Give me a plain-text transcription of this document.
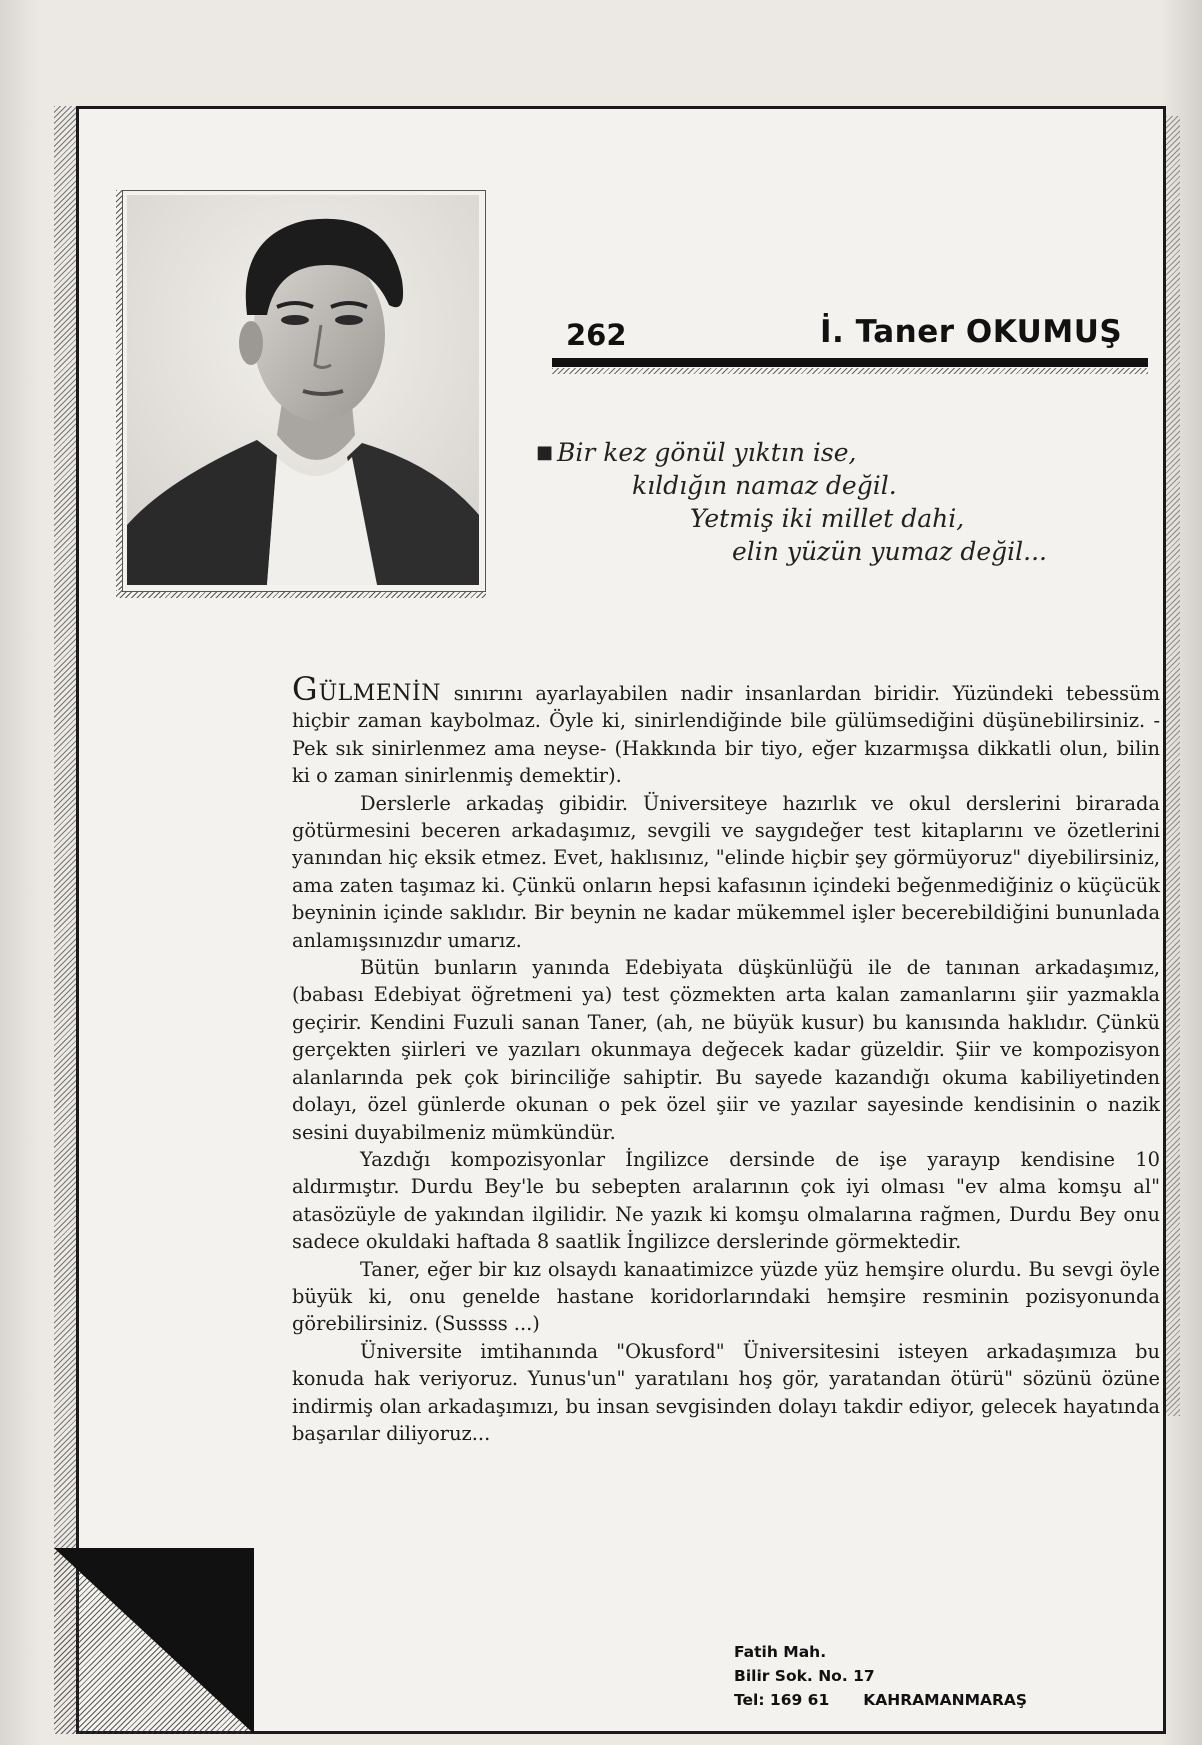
262	İ. Taner OKUMUŞ
■ Bir kez gönül yıktın ise,
kıldığın namaz değil.
Yetmiş iki millet dahi,
elin yüzün yumaz değil...

GÜLMENİN sınırını ayarlayabilen nadir insanlardan biridir. Yüzündeki tebessüm hiçbir zaman kaybolmaz. Öyle ki, sinirlendiğinde bile gülümsediğini düşünebilirsiniz. -Pek sık sinirlenmez ama neyse- (Hakkında bir tiyo, eğer kızarmışsa dikkatli olun, bilin ki o zaman sinirlenmiş demektir).

Derslerle arkadaş gibidir. Üniversiteye hazırlık ve okul derslerini birarada götürmesini beceren arkadaşımız, sevgili ve saygıdeğer test kitaplarını ve özetlerini yanından hiç eksik etmez. Evet, haklısınız, "elinde hiçbir şey görmüyoruz" diyebilirsiniz, ama zaten taşımaz ki. Çünkü onların hepsi kafasının içindeki beğenmediğiniz o küçücük beyninin içinde saklıdır. Bir beynin ne kadar mükemmel işler becerebildiğini bununlada anlamışsınızdır umarız.

Bütün bunların yanında Edebiyata düşkünlüğü ile de tanınan arkadaşımız, (babası Edebiyat öğretmeni ya) test çözmekten arta kalan zamanlarını şiir yazmakla geçirir. Kendini Fuzuli sanan Taner, (ah, ne büyük kusur) bu kanısında haklıdır. Çünkü gerçekten şiirleri ve yazıları okunmaya değecek kadar güzeldir. Şiir ve kompozisyon alanlarında pek çok birinciliğe sahiptir. Bu sayede kazandığı okuma kabiliyetinden dolayı, özel günlerde okunan o pek özel şiir ve yazılar sayesinde kendisinin o nazik sesini duyabilmeniz mümkündür.

Yazdığı kompozisyonlar İngilizce dersinde de işe yarayıp kendisine 10 aldırmıştır. Durdu Bey'le bu sebepten aralarının çok iyi olması "ev alma komşu al" atasözüyle de yakından ilgilidir. Ne yazık ki komşu olmalarına rağmen, Durdu Bey onu sadece okuldaki haftada 8 saatlik İngilizce derslerinde görmektedir.

Taner, eğer bir kız olsaydı kanaatimizce yüzde yüz hemşire olurdu. Bu sevgi öyle büyük ki, onu genelde hastane koridorlarındaki hemşire resminin pozisyonunda görebilirsiniz. (Sussss ...)

Üniversite imtihanında "Okusford" Üniversitesini isteyen arkadaşımıza bu konuda hak veriyoruz. Yunus'un" yaratılanı hoş gör, yaratandan ötürü" sözünü özüne indirmiş olan arkadaşımızı, bu insan sevgisinden dolayı takdir ediyor, gelecek hayatında başarılar diliyoruz...

Fatih Mah.
Bilir Sok. No. 17
Tel: 169 61 KAHRAMANMARAŞ
